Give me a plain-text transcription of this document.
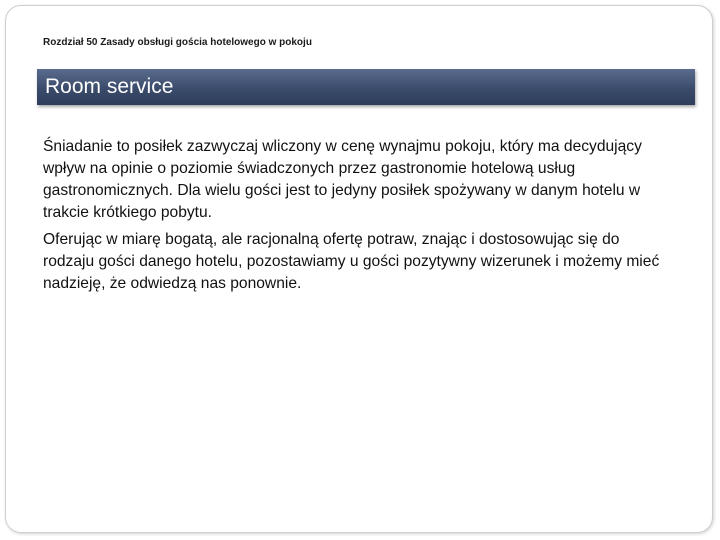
Rozdział 50 Zasady obsługi gościa hotelowego w pokoju
Room service

Śniadanie to posiłek zazwyczaj wliczony w cenę wynajmu pokoju, który ma decydujący wpływ na opinie o poziomie świadczonych przez gastronomie hotelową usług gastronomicznych. Dla wielu gości jest to jedyny posiłek spożywany w danym hotelu w trakcie krótkiego pobytu.

Oferując w miarę bogatą, ale racjonalną ofertę potraw, znając i dostosowując się do rodzaju gości danego hotelu, pozostawiamy u gości pozytywny wizerunek i możemy mieć nadzieję, że odwiedzą nas ponownie.
